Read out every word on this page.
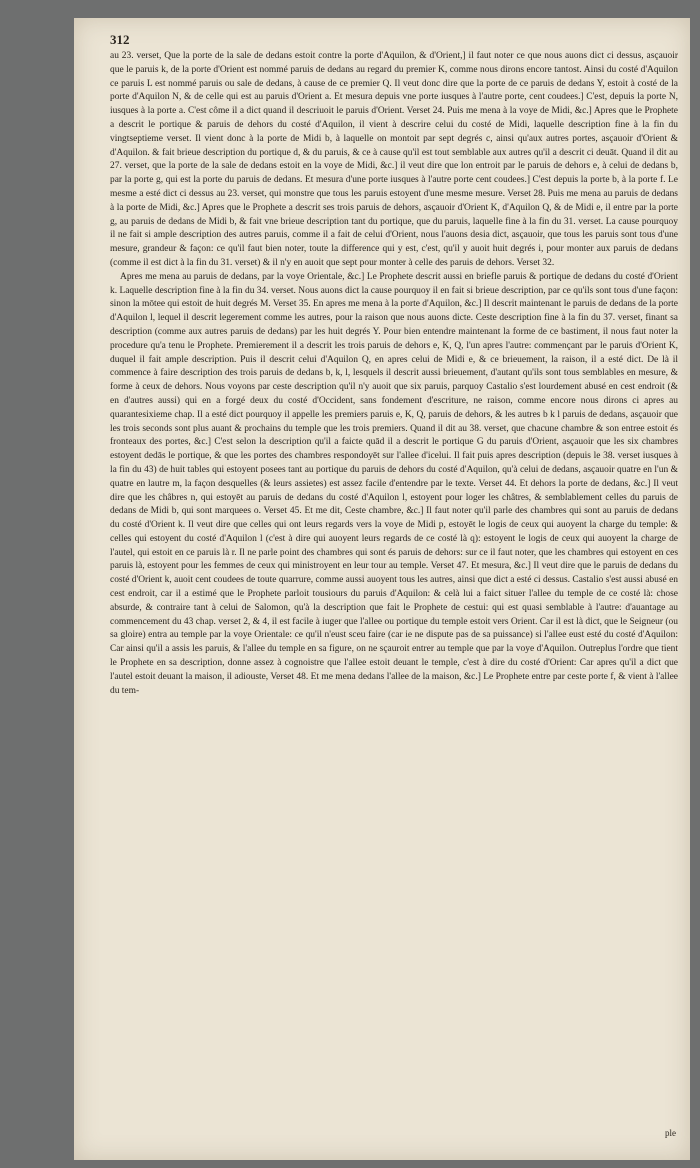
312

au 23. verset, Que la porte de la sale de dedans estoit contre la porte d'Aquilon, & d'Orient,] il faut noter ce que nous auons dict ci dessus, asçauoir que le paruis k, de la porte d'Orient est nommé paruis de dedans au regard du premier K, comme nous dirons encore tantost. Ainsi du costé d'Aquilon ce paruis L est nommé paruis ou sale de dedans, à cause de ce premier Q. Il veut donc dire que la porte de ce paruis de dedans Y, estoit à costé de la porte d'Aquilon N, & de celle qui est au paruis d'Orient a. Et mesura depuis vne porte iusques à l'autre porte, cent coudees.] C'est, depuis la porte N, iusques à la porte a. C'est côme il a dict quand il descriuoit le paruis d'Orient. Verset 24. Puis me mena à la voye de Midi, &c.] Apres que le Prophete a descrit le portique & paruis de dehors du costé d'Aquilon, il vient à descrire celui du costé de Midi, laquelle description fine à la fin du vingtseptieme verset. Il vient donc à la porte de Midi b, à laquelle on montoit par sept degrés c, ainsi qu'aux autres portes, asçauoir d'Orient & d'Aquilon. & fait brieue description du portique d, & du paruis, & ce à cause qu'il est tout semblable aux autres qu'il a descrit ci deuāt. Quand il dit au 27. verset, que la porte de la sale de dedans estoit en la voye de Midi, &c.] il veut dire que lon entroit par le paruis de dehors e, à celui de dedans b, par la porte g, qui est la porte du paruis de dedans. Et mesura d'une porte iusques à l'autre porte cent coudees.] C'est depuis la porte b, à la porte f. Le mesme a esté dict ci dessus au 23. verset, qui monstre que tous les paruis estoyent d'une mesme mesure. Verset 28. Puis me mena au paruis de dedans à la porte de Midi, &c.] Apres que le Prophete a descrit ses trois paruis de dehors, asçauoir d'Orient K, d'Aquilon Q, & de Midi e, il entre par la porte g, au paruis de dedans de Midi b, & fait vne brieue description tant du portique, que du paruis, laquelle fine à la fin du 31. verset. La cause pourquoy il ne fait si ample description des autres paruis, comme il a fait de celui d'Orient, nous l'auons desia dict, asçauoir, que tous les paruis sont tous d'une mesure, grandeur & façon: ce qu'il faut bien noter, toute la difference qui y est, c'est, qu'il y auoit huit degrés i, pour monter aux paruis de dedans (comme il est dict à la fin du 31. verset) & il n'y en auoit que sept pour monter à celle des paruis de dehors. Verset 32.

Apres me mena au paruis de dedans, par la voye Orientale, &c.] Le Prophete descrit aussi en briefle paruis & portique de dedans du costé d'Orient k. Laquelle description fine à la fin du 34. verset. Nous auons dict la cause pourquoy il en fait si brieue description, par ce qu'ils sont tous d'une façon: sinon la mōtee qui estoit de huit degrés M. Verset 35. En apres me mena à la porte d'Aquilon, &c.] Il descrit maintenant le paruis de dedans de la porte d'Aquilon l, lequel il descrit legerement comme les autres, pour la raison que nous auons dicte. Ceste description fine à la fin du 37. verset, finant sa description (comme aux autres paruis de dedans) par les huit degrés Y. Pour bien entendre maintenant la forme de ce bastiment, il nous faut noter la procedure qu'a tenu le Prophete. Premierement il a descrit les trois paruis de dehors e, K, Q, l'un apres l'autre: commençant par le paruis d'Orient K, duquel il fait ample description. Puis il descrit celui d'Aquilon Q, en apres celui de Midi e, & ce brieuement, la raison, il a esté dict. De là il commence à faire description des trois paruis de dedans b, k, l, lesquels il descrit aussi brieuement, d'autant qu'ils sont tous semblables en mesure, & forme à ceux de dehors. Nous voyons par ceste description qu'il n'y auoit que six paruis, parquoy Castalio s'est lourdement abusé en cest endroit (& en d'autres aussi) qui en a forgé deux du costé d'Occident, sans fondement d'escriture, ne raison, comme encore nous dirons ci apres au quarantesixieme chap. Il a esté dict pourquoy il appelle les premiers paruis e, K, Q, paruis de dehors, & les autres b k l paruis de dedans, asçauoir que les trois seconds sont plus auant & prochains du temple que les trois premiers. Quand il dit au 38. verset, que chacune chambre & son entree estoit és fronteaux des portes, &c.] C'est selon la description qu'il a faicte quād il a descrit le portique G du paruis d'Orient, asçauoir que les six chambres estoyent dedās le portique, & que les portes des chambres respondoyēt sur l'allee d'icelui. Il fait puis apres description (depuis le 38. verset iusques à la fin du 43) de huit tables qui estoyent posees tant au portique du paruis de dehors du costé d'Aquilon, qu'à celui de dedans, asçauoir quatre en l'un & quatre en lautre m, la façon desquelles (& leurs assietes) est assez facile d'entendre par le texte. Verset 44. Et dehors la porte de dedans, &c.] Il veut dire que les châbres n, qui estoyēt au paruis de dedans du costé d'Aquilon l, estoyent pour loger les châtres, & semblablement celles du paruis de dedans de Midi b, qui sont marquees o. Verset 45. Et me dit, Ceste chambre, &c.] Il faut noter qu'il parle des chambres qui sont au paruis de dedans du costé d'Orient k. Il veut dire que celles qui ont leurs regards vers la voye de Midi p, estoyēt le logis de ceux qui auoyent la charge du temple: & celles qui estoyent du costé d'Aquilon l (c'est à dire qui auoyent leurs regards de ce costé là q): estoyent le logis de ceux qui auoyent la charge de l'autel, qui estoit en ce paruis là r. Il ne parle point des chambres qui sont és paruis de dehors: sur ce il faut noter, que les chambres qui estoyent en ces paruis là, estoyent pour les femmes de ceux qui ministroyent en leur tour au temple. Verset 47. Et mesura, &c.] Il veut dire que le paruis de dedans du costé d'Orient k, auoit cent coudees de toute quarrure, comme aussi auoyent tous les autres, ainsi que dict a esté ci dessus. Castalio s'est aussi abusé en cest endroit, car il a estimé que le Prophete parloit tousiours du paruis d'Aquilon: & celà lui a faict situer l'allee du temple de ce costé là: chose absurde, & contraire tant à celui de Salomon, qu'à la description que fait le Prophete de cestui: qui est quasi semblable à l'autre: d'auantage au commencement du 43 chap. verset 2, & 4, il est facile à iuger que l'allee ou portique du temple estoit vers Orient. Car il est là dict, que le Seigneur (ou sa gloire) entra au temple par la voye Orientale: ce qu'il n'eust sceu faire (car ie ne dispute pas de sa puissance) si l'allee eust esté du costé d'Aquilon: Car ainsi qu'il a assis les paruis, & l'allee du temple en sa figure, on ne sçauroit entrer au temple que par la voye d'Aquilon. Outreplus l'ordre que tient le Prophete en sa description, donne assez à cognoistre que l'allee estoit deuant le temple, c'est à dire du costé d'Orient: Car apres qu'il a dict que l'autel estoit deuant la maison, il adiouste, Verset 48. Et me mena dedans l'allee de la maison, &c.] Le Prophete entre par ceste porte f, & vient à l'allee du tem-

ple
